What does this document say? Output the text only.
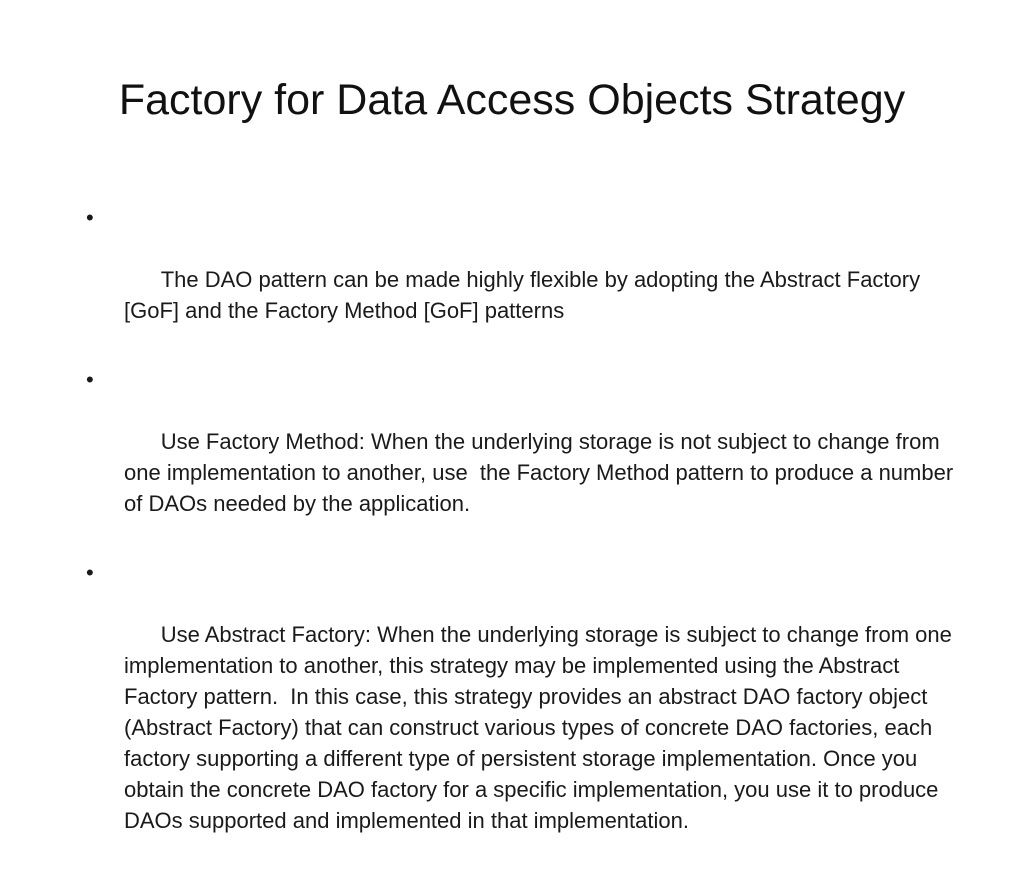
Factory for Data Access Objects Strategy

•

The DAO pattern can be made highly flexible by adopting the Abstract Factory [GoF] and the Factory Method [GoF] patterns

•

Use Factory Method: When the underlying storage is not subject to change from one implementation to another, use  the Factory Method pattern to produce a number of DAOs needed by the application.

•

Use Abstract Factory: When the underlying storage is subject to change from one implementation to another, this strategy may be implemented using the Abstract Factory pattern.  In this case, this strategy provides an abstract DAO factory object (Abstract Factory) that can construct various types of concrete DAO factories, each factory supporting a different type of persistent storage implementation. Once you obtain the concrete DAO factory for a specific implementation, you use it to produce DAOs supported and implemented in that implementation.
